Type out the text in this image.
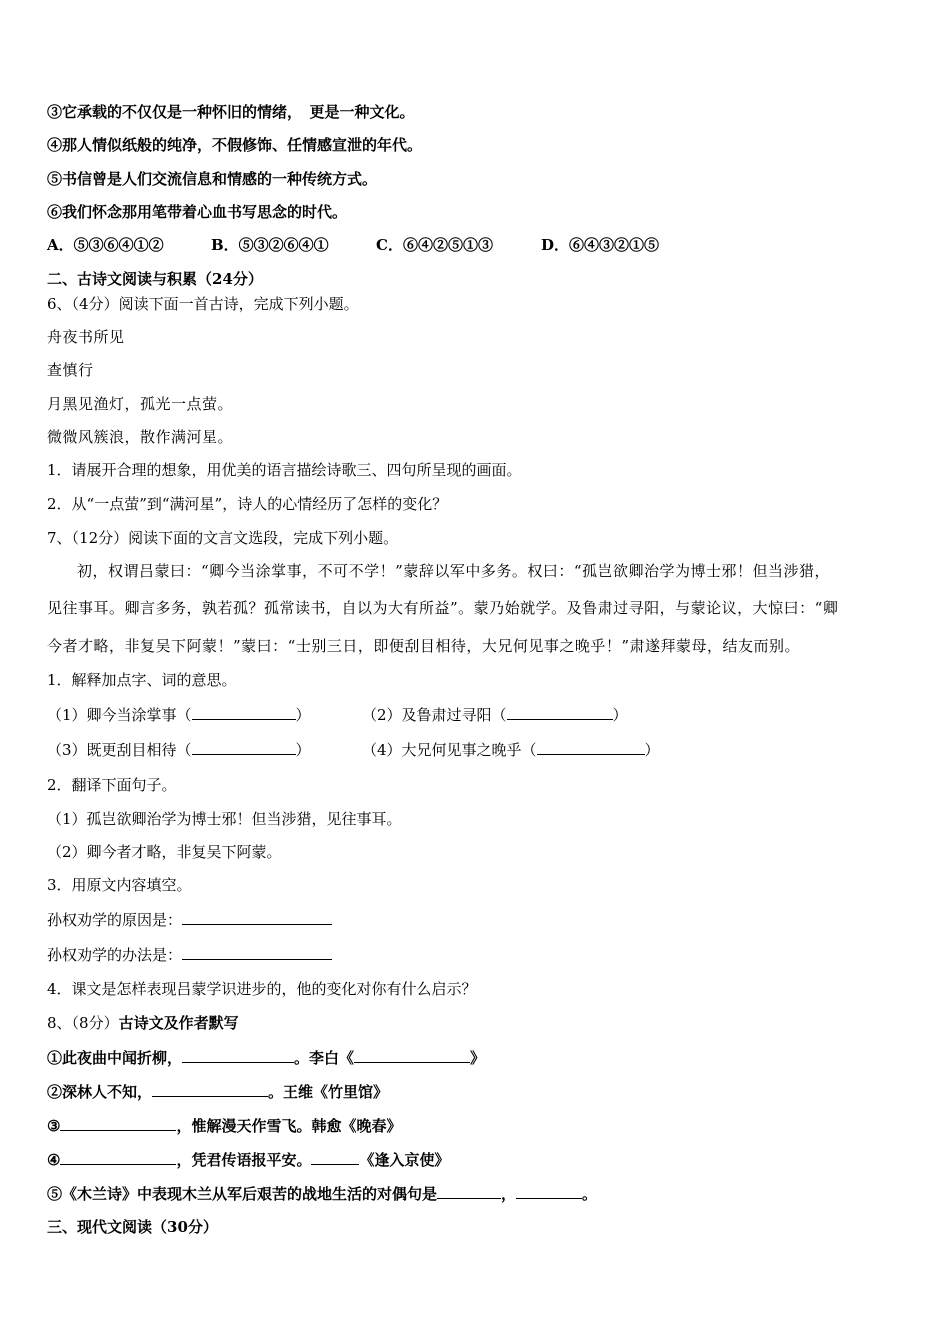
③它承载的不仅仅是一种怀旧的情绪，　更是一种文化。
④那人情似纸般的纯净，不假修饰、任情感宣泄的年代。
⑤书信曾是人们交流信息和情感的一种传统方式。
⑥我们怀念那用笔带着心血书写思念的时代。
A．⑤③⑥④①②	B．⑤③②⑥④①	C．⑥④②⑤①③	D．⑥④③②①⑤
二、古诗文阅读与积累（24分）
6、（4分）阅读下面一首古诗，完成下列小题。
舟夜书所见
查慎行
月黑见渔灯，孤光一点萤。
微微风簇浪，散作满河星。
1．请展开合理的想象，用优美的语言描绘诗歌三、四句所呈现的画面。
2．从“一点萤”到“满河星”，诗人的心情经历了怎样的变化？
7、（12分）阅读下面的文言文选段，完成下列小题。
初，权谓吕蒙曰：“卿今当涂掌事，不可不学！”蒙辞以军中多务。权曰：“孤岂欲卿治学为博士邪！但当涉猎，
见往事耳。卿言多务，孰若孤？孤常读书，自以为大有所益”。蒙乃始就学。及鲁肃过寻阳，与蒙论议，大惊曰：“卿
今者才略，非复吴下阿蒙！”蒙曰：“士别三日，即便刮目相待，大兄何见事之晚乎！”肃遂拜蒙母，结友而别。
1．解释加点字、词的意思。
（1）卿今当涂掌事（	）	（2）及鲁肃过寻阳（	）
（3）既更刮目相待（	）	（4）大兄何见事之晚乎（	）
2．翻译下面句子。
（1）孤岂欲卿治学为博士邪！但当涉猎，见往事耳。
（2）卿今者才略，非复吴下阿蒙。
3．用原文内容填空。
孙权劝学的原因是：
孙权劝学的办法是：
4．课文是怎样表现吕蒙学识进步的，他的变化对你有什么启示？
8、（8分）古诗文及作者默写
①此夜曲中闻折柳，	。李白《	》
②深林人不知，	。王维《竹里馆》
③	，惟解漫天作雪飞。韩愈《晚春》
④	，凭君传语报平安。	《逢入京使》
⑤《木兰诗》中表现木兰从军后艰苦的战地生活的对偶句是	，	。
三、现代文阅读（30分）
